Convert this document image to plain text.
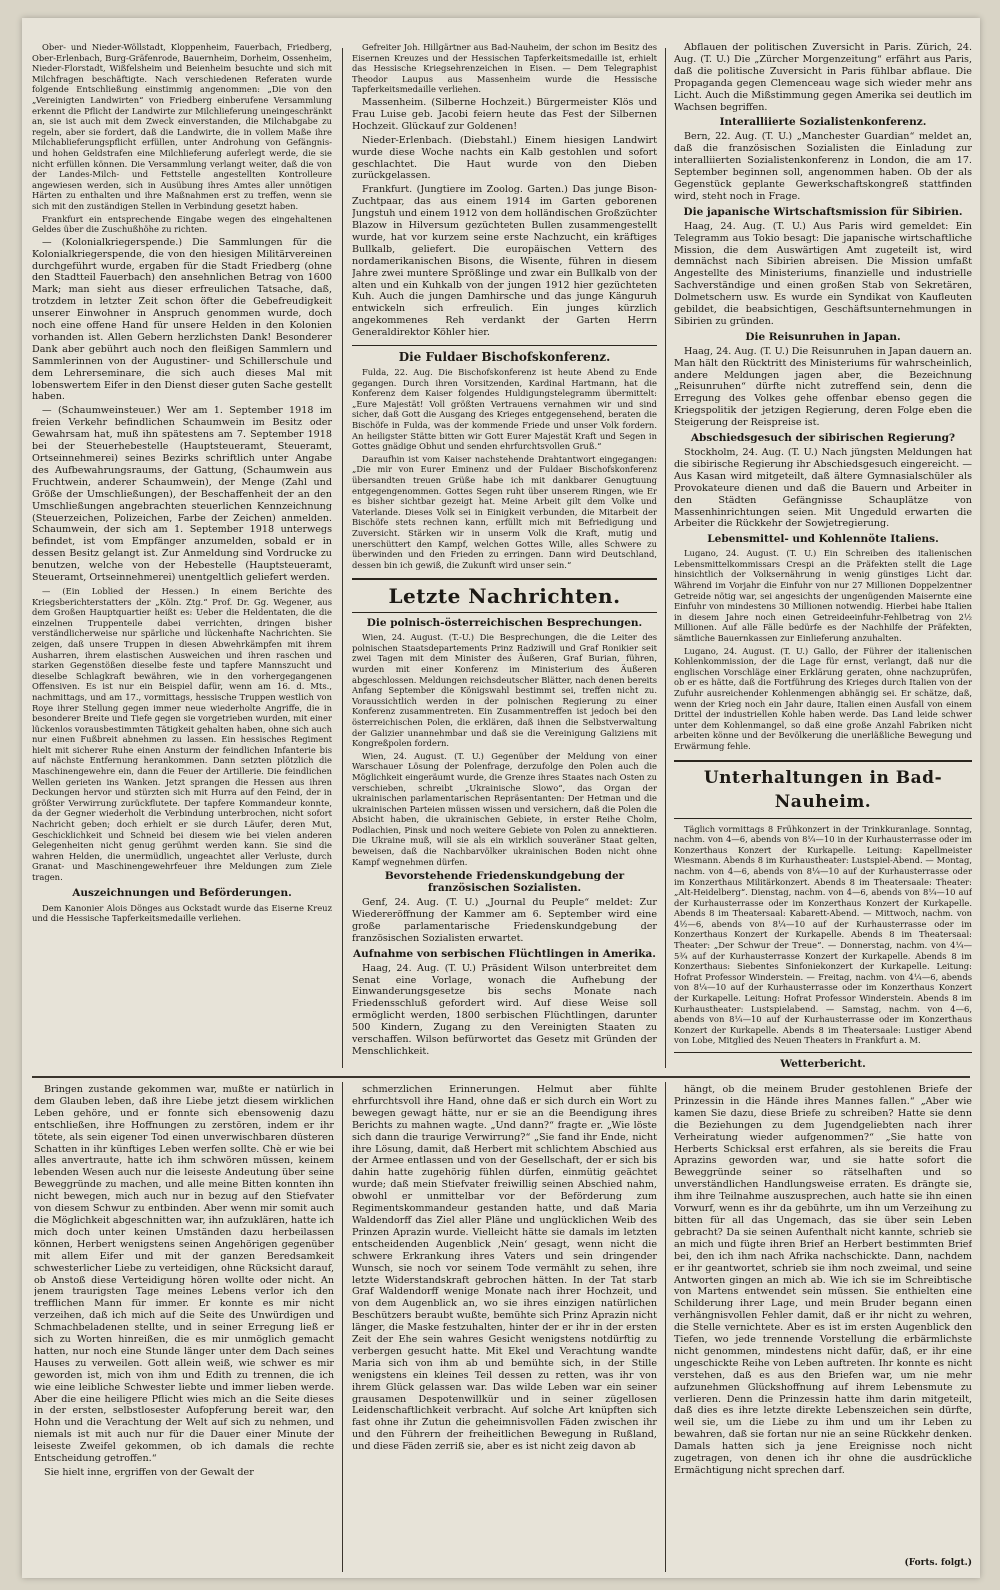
Ober- und Nieder-Wöllstadt, Kloppenheim, Fauerbach, Friedberg, Ober-Erlenbach, Burg-Gräfenrode, Bauernheim, Dorheim, Ossenheim, Nieder-Florstadt, Wißfelsheim und Beienheim besuchte und sich mit Milchfragen beschäftigte. Nach verschiedenen Referaten wurde folgende Entschließung einstimmig angenommen: „Die von den „Vereinigten Landwirten“ von Friedberg einberufene Versammlung erkennt die Pflicht der Landwirte zur Milchlieferung uneingeschränkt an, sie ist auch mit dem Zweck einverstanden, die Milchabgabe zu regeln, aber sie fordert, daß die Landwirte, die in vollem Maße ihre Milchablieferungspflicht erfüllen, unter Androhung von Gefängnis- und hohen Geldstrafen eine Milchlieferung auferlegt werde, die sie nicht erfüllen können. Die Versammlung verlangt weiter, daß die von der Landes-Milch- und Fettstelle angestellten Kontrolleure angewiesen werden, sich in Ausübung ihres Amtes aller unnötigen Härten zu enthalten und ihre Maßnahmen erst zu treffen, wenn sie sich mit den zuständigen Stellen in Verbindung gesetzt haben.

Frankfurt ein entsprechende Eingabe wegen des eingehaltenen Geldes über die Zuschußhöhe zu richten.

— (Kolonialkriegerspende.) Die Sammlungen für die Kolonialkriegerspende, die von den hiesigen Militärvereinen durchgeführt wurde, ergaben für die Stadt Friedberg (ohne den Stadtteil Fauerbach) den ansehnlichen Betrag von 1600 Mark; man sieht aus dieser erfreulichen Tatsache, daß, trotzdem in letzter Zeit schon öfter die Gebefreudigkeit unserer Einwohner in Anspruch genommen wurde, doch noch eine offene Hand für unsere Helden in den Kolonien vorhanden ist. Allen Gebern herzlichsten Dank! Besonderer Dank aber gebührt auch noch den fleißigen Sammlern und Sammlerinnen von der Augustiner- und Schillerschule und dem Lehrerseminare, die sich auch dieses Mal mit lobenswertem Eifer in den Dienst dieser guten Sache gestellt haben.

— (Schaumweinsteuer.) Wer am 1. September 1918 im freien Verkehr befindlichen Schaumwein im Besitz oder Gewahrsam hat, muß ihn spätestens am 7. September 1918 bei der Steuerhebestelle (Hauptsteueramt, Steueramt, Ortseinnehmerei) seines Bezirks schriftlich unter Angabe des Aufbewahrungsraums, der Gattung, (Schaumwein aus Fruchtwein, anderer Schaumwein), der Menge (Zahl und Größe der Umschließungen), der Beschaffenheit der an den Umschließungen angebrachten steuerlichen Kennzeichnung (Steuerzeichen, Polizeichen, Farbe der Zeichen) anmelden. Schaumwein, der sich am 1. September 1918 unterwegs befindet, ist vom Empfänger anzumelden, sobald er in dessen Besitz gelangt ist. Zur Anmeldung sind Vordrucke zu benutzen, welche von der Hebestelle (Hauptsteueramt, Steueramt, Ortseinnehmerei) unentgeltlich geliefert werden.

— (Ein Loblied der Hessen.) In einem Berichte des Kriegsberichterstatters der „Köln. Ztg.“ Prof. Dr. Gg. Wegener, aus dem Großen Hauptquartier heißt es: Ueber die Heldentaten, die die einzelnen Truppenteile dabei verrichten, dringen bisher verständlicherweise nur spärliche und lückenhafte Nachrichten. Sie zeigen, daß unsere Truppen in diesen Abwehrkämpfen mit ihrem Ausharren, ihrem elastischen Ausweichen und ihren raschen und starken Gegenstößen dieselbe feste und tapfere Mannszucht und dieselbe Schlagkraft bewähren, wie in den vorhergegangenen Offensiven. Es ist nur ein Beispiel dafür, wenn am 16. d. Mts., nachmittags, und am 17., vormittags, hessische Truppen westlich von Roye ihrer Stellung gegen immer neue wiederholte Angriffe, die in besonderer Breite und Tiefe gegen sie vorgetrieben wurden, mit einer lückenlos vorausbestimmten Tätigkeit gehalten haben, ohne sich auch nur einen Fußbreit abnehmen zu lassen. Ein hessisches Regiment hielt mit sicherer Ruhe einen Ansturm der feindlichen Infanterie bis auf nächste Entfernung herankommen. Dann setzten plötzlich die Maschinengewehre ein, dann die Feuer der Artillerie. Die feindlichen Wellen gerieten ins Wanken. Jetzt sprangen die Hessen aus ihren Deckungen hervor und stürzten sich mit Hurra auf den Feind, der in größter Verwirrung zurückflutete. Der tapfere Kommandeur konnte, da der Gegner wiederholt die Verbindung unterbrochen, nicht sofort Nachricht geben; doch erhielt er sie durch Läufer, deren Mut, Geschicklichkeit und Schneid bei diesem wie bei vielen anderen Gelegenheiten nicht genug gerühmt werden kann. Sie sind die wahren Helden, die unermüdlich, ungeachtet aller Verluste, durch Granat- und Maschinengewehrfeuer ihre Meldungen zum Ziele tragen.

Auszeichnungen und Beförderungen.

Dem Kanonier Alois Dönges aus Ockstadt wurde das Eiserne Kreuz und die Hessische Tapferkeitsmedaille verliehen.

Gefreiter Joh. Hillgärtner aus Bad-Nauheim, der schon im Besitz des Eisernen Kreuzes und der Hessischen Tapferkeitsmedaille ist, erhielt das Hessische Kriegsehrenzeichen in Eisen. — Dem Telegraphist Theodor Laupus aus Massenheim wurde die Hessische Tapferkeitsmedaille verliehen.

Massenheim. (Silberne Hochzeit.) Bürgermeister Klös und Frau Luise geb. Jacobi feiern heute das Fest der Silbernen Hochzeit. Glückauf zur Goldenen!

Nieder-Erlenbach. (Diebstahl.) Einem hiesigen Landwirt wurde diese Woche nachts ein Kalb gestohlen und sofort geschlachtet. Die Haut wurde von den Dieben zurückgelassen.

Frankfurt. (Jungtiere im Zoolog. Garten.) Das junge Bison-Zuchtpaar, das aus einem 1914 im Garten geborenen Jungstuh und einem 1912 von dem holländischen Großzüchter Blazow in Hilversum gezüchteten Bullen zusammengestellt wurde, hat vor kurzem seine erste Nachzucht, ein kräftiges Bullkalb, geliefert. Die europäischen Vettern des nordamerikanischen Bisons, die Wisente, führen in diesem Jahre zwei muntere Sprößlinge und zwar ein Bullkalb von der alten und ein Kuhkalb von der jungen 1912 hier gezüchteten Kuh. Auch die jungen Damhirsche und das junge Känguruh entwickeln sich erfreulich. Ein junges kürzlich angekommenes Reh verdankt der Garten Herrn Generaldirektor Köhler hier.

Die Fuldaer Bischofskonferenz.

Fulda, 22. Aug. Die Bischofskonferenz ist heute Abend zu Ende gegangen. Durch ihren Vorsitzenden, Kardinal Hartmann, hat die Konferenz dem Kaiser folgendes Huldigungstelegramm übermittelt: „Eure Majestät! Voll größten Vertrauens vernahmen wir und sind sicher, daß Gott die Ausgang des Krieges entgegensehend, beraten die Bischöfe in Fulda, was der kommende Friede und unser Volk fordern. An heiligster Stätte bitten wir Gott Eurer Majestät Kraft und Segen in Gottes gnädige Obhut und senden ehrfurchtsvollen Gruß.“

Daraufhin ist vom Kaiser nachstehende Drahtantwort eingegangen: „Die mir von Eurer Eminenz und der Fuldaer Bischofskonferenz übersandten treuen Grüße habe ich mit dankbarer Genugtuung entgegengenommen. Gottes Segen ruht über unserem Ringen, wie Er es bisher sichtbar gezeigt hat. Meine Arbeit gilt dem Volke und Vaterlande. Dieses Volk sei in Einigkeit verbunden, die Mitarbeit der Bischöfe stets rechnen kann, erfüllt mich mit Befriedigung und Zuversicht. Stärken wir in unserm Volk die Kraft, mutig und unerschüttert den Kampf, welchen Gottes Wille, alles Schwere zu überwinden und den Frieden zu erringen. Dann wird Deutschland, dessen bin ich gewiß, die Zukunft wird unser sein.“

Letzte Nachrichten.
Die polnisch-österreichischen Besprechungen.

Wien, 24. August. (T.-U.) Die Besprechungen, die die Leiter des polnischen Staatsdepartements Prinz Radziwill und Graf Ronikier seit zwei Tagen mit dem Minister des Äußeren, Graf Burian, führen, wurden mit einer Konferenz im Ministerium des Äußeren abgeschlossen. Meldungen reichsdeutscher Blätter, nach denen bereits Anfang September die Königswahl bestimmt sei, treffen nicht zu. Voraussichtlich werden in der polnischen Regierung zu einer Konferenz zusammentreten. Ein Zusammentreffen ist jedoch bei den österreichischen Polen, die erklären, daß ihnen die Selbstverwaltung der Galizier unannehmbar und daß sie die Vereinigung Galiziens mit Kongreßpolen fordern.

Wien, 24. August. (T. U.) Gegenüber der Meldung von einer Warschauer Lösung der Polenfrage, derzufolge den Polen auch die Möglichkeit eingeräumt wurde, die Grenze ihres Staates nach Osten zu verschieben, schreibt „Ukrainische Slowo“, das Organ der ukrainischen parlamentarischen Repräsentanten: Der Hetman und die ukrainischen Parteien müssen wissen und versichern, daß die Polen die Absicht haben, die ukrainischen Gebiete, in erster Reihe Cholm, Podlachien, Pinsk und noch weitere Gebiete von Polen zu annektieren. Die Ukraine muß, will sie als ein wirklich souveräner Staat gelten, beweisen, daß die Nachbarvölker ukrainischen Boden nicht ohne Kampf wegnehmen dürfen.

Bevorstehende Friedenskundgebung der französischen Sozialisten.

Genf, 24. Aug. (T. U.) „Journal du Peuple“ meldet: Zur Wiedereröffnung der Kammer am 6. September wird eine große parlamentarische Friedenskundgebung der französischen Sozialisten erwartet.

Aufnahme von serbischen Flüchtlingen in Amerika.

Haag, 24. Aug. (T. U.) Präsident Wilson unterbreitet dem Senat eine Vorlage, wonach die Aufhebung der Einwanderungsgesetze bis sechs Monate nach Friedensschluß gefordert wird. Auf diese Weise soll ermöglicht werden, 1800 serbischen Flüchtlingen, darunter 500 Kindern, Zugang zu den Vereinigten Staaten zu verschaffen. Wilson befürwortet das Gesetz mit Gründen der Menschlichkeit.

Abflauen der politischen Zuversicht in Paris. Zürich, 24. Aug. (T. U.) Die „Zürcher Morgenzeitung“ erfährt aus Paris, daß die politische Zuversicht in Paris fühlbar abflaue. Die Propaganda gegen Clemenceau wage sich wieder mehr ans Licht. Auch die Mißstimmung gegen Amerika sei deutlich im Wachsen begriffen.

Interalliierte Sozialistenkonferenz.

Bern, 22. Aug. (T. U.) „Manchester Guardian“ meldet an, daß die französischen Sozialisten die Einladung zur interalliierten Sozialistenkonferenz in London, die am 17. September beginnen soll, angenommen haben. Ob der als Gegenstück geplante Gewerkschaftskongreß stattfinden wird, steht noch in Frage.

Die japanische Wirtschaftsmission für Sibirien.

Haag, 24. Aug. (T. U.) Aus Paris wird gemeldet: Ein Telegramm aus Tokio besagt: Die japanische wirtschaftliche Mission, die dem Auswärtigen Amt zugeteilt ist, wird demnächst nach Sibirien abreisen. Die Mission umfaßt Angestellte des Ministeriums, finanzielle und industrielle Sachverständige und einen großen Stab von Sekretären, Dolmetschern usw. Es wurde ein Syndikat von Kaufleuten gebildet, die beabsichtigen, Geschäftsunternehmungen in Sibirien zu gründen.

Die Reisunruhen in Japan.

Haag, 24. Aug. (T. U.) Die Reisunruhen in Japan dauern an. Man hält den Rücktritt des Ministeriums für wahrscheinlich, andere Meldungen jagen aber, die Bezeichnung „Reisunruhen“ dürfte nicht zutreffend sein, denn die Erregung des Volkes gehe offenbar ebenso gegen die Kriegspolitik der jetzigen Regierung, deren Folge eben die Steigerung der Reispreise ist.

Abschiedsgesuch der sibirischen Regierung?

Stockholm, 24. Aug. (T. U.) Nach jüngsten Meldungen hat die sibirische Regierung ihr Abschiedsgesuch eingereicht. — Aus Kasan wird mitgeteilt, daß ältere Gymnasialschüler als Provokateure dienen und daß die Bauern und Arbeiter in den Städten Gefängnisse Schauplätze von Massenhinrichtungen seien. Mit Ungeduld erwarten die Arbeiter die Rückkehr der Sowjetregierung.

Lebensmittel- und Kohlennöte Italiens.

Lugano, 24. August. (T. U.) Ein Schreiben des italienischen Lebensmittelkommissars Crespi an die Präfekten stellt die Lage hinsichtlich der Volksernährung in wenig günstiges Licht dar. Während im Vorjahr die Einfuhr von nur 27 Millionen Doppelzentner Getreide nötig war, sei angesichts der ungenügenden Maisernte eine Einfuhr von mindestens 30 Millionen notwendig. Hierbei habe Italien in diesem Jahre noch einen Getreideeinfuhr-Fehlbetrag von 2½ Millionen. Auf alle Fälle bedürfe es der Nachhilfe der Präfekten, sämtliche Bauernkassen zur Einlieferung anzuhalten.

Lugano, 24. August. (T. U.) Gallo, der Führer der italienischen Kohlenkommission, der die Lage für ernst, verlangt, daß nur die englischen Vorschläge einer Erklärung geraten, ohne nachzuprüfen, ob er es hätte, daß die Fortführung des Krieges durch Italien von der Zufuhr ausreichender Kohlenmengen abhängig sei. Er schätze, daß, wenn der Krieg noch ein Jahr daure, Italien einen Ausfall von einem Drittel der industriellen Kohle haben werde. Das Land leide schwer unter dem Kohlenmangel, so daß eine große Anzahl Fabriken nicht arbeiten könne und der Bevölkerung die unerläßliche Bewegung und Erwärmung fehle.

Unterhaltungen in Bad-Nauheim.

Täglich vormittags 8 Frühkonzert in der Trinkkuranlage. Sonntag, nachm. von 4—6, abends von 8¼—10 in der Kurhausterrasse oder im Konzerthaus Konzert der Kurkapelle. Leitung: Kapellmeister Wiesmann. Abends 8 im Kurhaustheater: Lustspiel-Abend. — Montag, nachm. von 4—6, abends von 8¼—10 auf der Kurhausterrasse oder im Konzerthaus Militärkonzert. Abends 8 im Theatersaale: Theater: „Alt-Heidelberg“. Dienstag, nachm. von 4—6, abends von 8¼—10 auf der Kurhausterrasse oder im Konzerthaus Konzert der Kurkapelle. Abends 8 im Theatersaal: Kabarett-Abend. — Mittwoch, nachm. von 4½—6, abends von 8¼—10 auf der Kurhausterrasse oder im Konzerthaus Konzert der Kurkapelle. Abends 8 im Theatersaal: Theater: „Der Schwur der Treue“. — Donnerstag, nachm. von 4¼—5¾ auf der Kurhausterrasse Konzert der Kurkapelle. Abends 8 im Konzerthaus: Siebentes Sinfoniekonzert der Kurkapelle. Leitung: Hofrat Professor Winderstein. — Freitag, nachm. von 4¼—6, abends von 8¼—10 auf der Kurhausterrasse oder im Konzerthaus Konzert der Kurkapelle. Leitung: Hofrat Professor Winderstein. Abends 8 im Kurhaustheater: Lustspielabend. — Samstag, nachm. von 4—6, abends von 8¼—10 auf der Kurhausterrasse oder im Konzerthaus Konzert der Kurkapelle. Abends 8 im Theatersaale: Lustiger Abend von Lobe, Mitglied des Neuen Theaters in Frankfurt a. M.

Wetterbericht.

Bringen zustande gekommen war, mußte er natürlich in dem Glauben leben, daß ihre Liebe jetzt diesem wirklichen Leben gehöre, und er fonnte sich ebensowenig dazu entschließen, ihre Hoffnungen zu zerstören, indem er ihr tötete, als sein eigener Tod einen unverwischbaren düsteren Schatten in ihr künftiges Leben werfen sollte. Chè er wie bei alles anvertraute, hatte ich ihm schwören müssen, keinem lebenden Wesen auch nur die leiseste Andeutung über seine Beweggründe zu machen, und alle meine Bitten konnten ihn nicht bewegen, mich auch nur in bezug auf den Stiefvater von diesem Schwur zu entbinden. Aber wenn mir somit auch die Möglichkeit abgeschnitten war, ihn aufzuklären, hatte ich mich doch unter keinen Umständen dazu herbeilassen können, Herbert wenigstens seinen Angehörigen gegenüber mit allem Eifer und mit der ganzen Beredsamkeit schwesterlicher Liebe zu verteidigen, ohne Rücksicht darauf, ob Anstoß diese Verteidigung hören wollte oder nicht. An jenem traurigsten Tage meines Lebens verlor ich den trefflichen Mann für immer. Er konnte es mir nicht verzeihen, daß ich mich auf die Seite des Unwürdigen und Schmachbeladenen stellte, und in seiner Erregung ließ er sich zu Worten hinreißen, die es mir unmöglich gemacht hatten, nur noch eine Stunde länger unter dem Dach seines Hauses zu verweilen. Gott allein weiß, wie schwer es mir geworden ist, mich von ihm und Edith zu trennen, die ich wie eine leibliche Schwester liebte und immer lieben werde. Aber die eine heiligere Pflicht wies mich an die Seite dieses in der ersten, selbstlosester Aufopferung bereit war, den Hohn und die Verachtung der Welt auf sich zu nehmen, und niemals ist mit auch nur für die Dauer einer Minute der leiseste Zweifel gekommen, ob ich damals die rechte Entscheidung getroffen.“

Sie hielt inne, ergriffen von der Gewalt der

schmerzlichen Erinnerungen. Helmut aber fühlte ehrfurchtsvoll ihre Hand, ohne daß er sich durch ein Wort zu bewegen gewagt hätte, nur er sie an die Beendigung ihres Berichts zu mahnen wagte. „Und dann?“ fragte er. „Wie löste sich dann die traurige Verwirrung?“ „Sie fand ihr Ende, nicht ihre Lösung, damit, daß Herbert mit schlichtem Abschied aus der Armee entlassen und von der Gesellschaft, der er sich bis dahin hatte zugehörig fühlen dürfen, einmütig geächtet wurde; daß mein Stiefvater freiwillig seinen Abschied nahm, obwohl er unmittelbar vor der Beförderung zum Regimentskommandeur gestanden hatte, und daß Maria Waldendorff das Ziel aller Pläne und unglücklichen Weib des Prinzen Aprazin wurde. Vielleicht hätte sie damals im letzten entscheidenden Augenblick ‚Nein‘ gesagt, wenn nicht die schwere Erkrankung ihres Vaters und sein dringender Wunsch, sie noch vor seinem Tode vermählt zu sehen, ihre letzte Widerstandskraft gebrochen hätten. In der Tat starb Graf Waldendorff wenige Monate nach ihrer Hochzeit, und von dem Augenblick an, wo sie ihres einzigen natürlichen Beschützers beraubt wußte, bemühte sich Prinz Aprazin nicht länger, die Maske festzuhalten, hinter der er ihr in der ersten Zeit der Ehe sein wahres Gesicht wenigstens notdürftig zu verbergen gesucht hatte. Mit Ekel und Verachtung wandte Maria sich von ihm ab und bemühte sich, in der Stille wenigstens ein kleines Teil dessen zu retten, was ihr von ihrem Glück gelassen war. Das wilde Leben war ein seiner grausamen Despotenwillkür und in seiner zügellosen Leidenschaftlichkeit verbracht. Auf solche Art knüpften sich fast ohne ihr Zutun die geheimnisvollen Fäden zwischen ihr und den Führern der freiheitlichen Bewegung in Rußland, und diese Fäden zerriß sie, aber es ist nicht zeig davon ab

hängt, ob die meinem Bruder gestohlenen Briefe der Prinzessin in die Hände ihres Mannes fallen.“ „Aber wie kamen Sie dazu, diese Briefe zu schreiben? Hatte sie denn die Beziehungen zu dem Jugendgeliebten nach ihrer Verheiratung wieder aufgenommen?“ „Sie hatte von Herberts Schicksal erst erfahren, als sie bereits die Frau Aprazins geworden war, und sie hatte sofort die Beweggründe seiner so rätselhaften und so unverständlichen Handlungsweise erraten. Es drängte sie, ihm ihre Teilnahme auszusprechen, auch hatte sie ihn einen Vorwurf, wenn es ihr da gebührte, um ihn um Verzeihung zu bitten für all das Ungemach, das sie über sein Leben gebracht? Da sie seinen Aufenthalt nicht kannte, schrieb sie an mich und fügte ihren Brief an Herbert bestimmten Brief bei, den ich ihm nach Afrika nachschickte. Dann, nachdem er ihr geantwortet, schrieb sie ihm noch zweimal, und seine Antworten gingen an mich ab. Wie ich sie im Schreibtische von Martens entwendet sein müssen. Sie enthielten eine Schilderung ihrer Lage, und mein Bruder begann einen verhängnisvollen Fehler damit, daß er ihr nicht zu wehren, die Stelle vernichtete. Aber es ist im ersten Augenblick den Tiefen, wo jede trennende Vorstellung die erbärmlichste nicht genommen, mindestens nicht dafür, daß, er ihr eine ungeschickte Reihe von Leben auftreten. Ihr konnte es nicht verstehen, daß es aus den Briefen war, um nie mehr aufzunehmen Glückshoffnung auf ihrem Lebensmute zu verlieren. Denn die Prinzessin hatte ihm darin mitgeteilt, daß dies es ihre letzte direkte Lebenszeichen sein dürfte, weil sie, um die Liebe zu ihm und um ihr Leben zu bewahren, daß sie fortan nur nie an seine Rückkehr denken. Damals hatten sich ja jene Ereignisse noch nicht zugetragen, von denen ich ihr ohne die ausdrückliche Ermächtigung nicht sprechen darf.

(Forts. folgt.)
